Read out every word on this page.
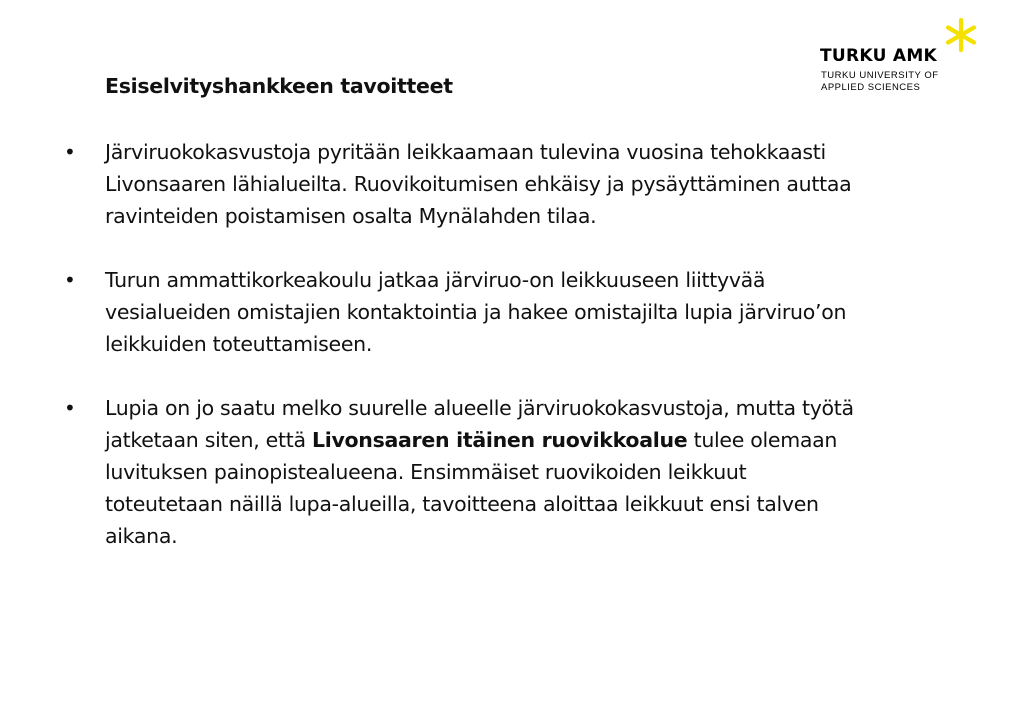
TURKU AMK
TURKU UNIVERSITY OF
APPLIED SCIENCES
Esiselvityshankkeen tavoitteet
• Järviruokokasvustoja pyritään leikkaamaan tulevina vuosina tehokkaasti
Livonsaaren lähialueilta. Ruovikoitumisen ehkäisy ja pysäyttäminen auttaa
ravinteiden poistamisen osalta Mynälahden tilaa.
• Turun ammattikorkeakoulu jatkaa järviruo-on leikkuuseen liittyvää
vesialueiden omistajien kontaktointia ja hakee omistajilta lupia järviruo’on
leikkuiden toteuttamiseen.
• Lupia on jo saatu melko suurelle alueelle järviruokokasvustoja, mutta työtä
jatketaan siten, että Livonsaaren itäinen ruovikkoalue tulee olemaan
luvituksen painopistealueena. Ensimmäiset ruovikoiden leikkuut
toteutetaan näillä lupa-alueilla, tavoitteena aloittaa leikkuut ensi talven
aikana.
